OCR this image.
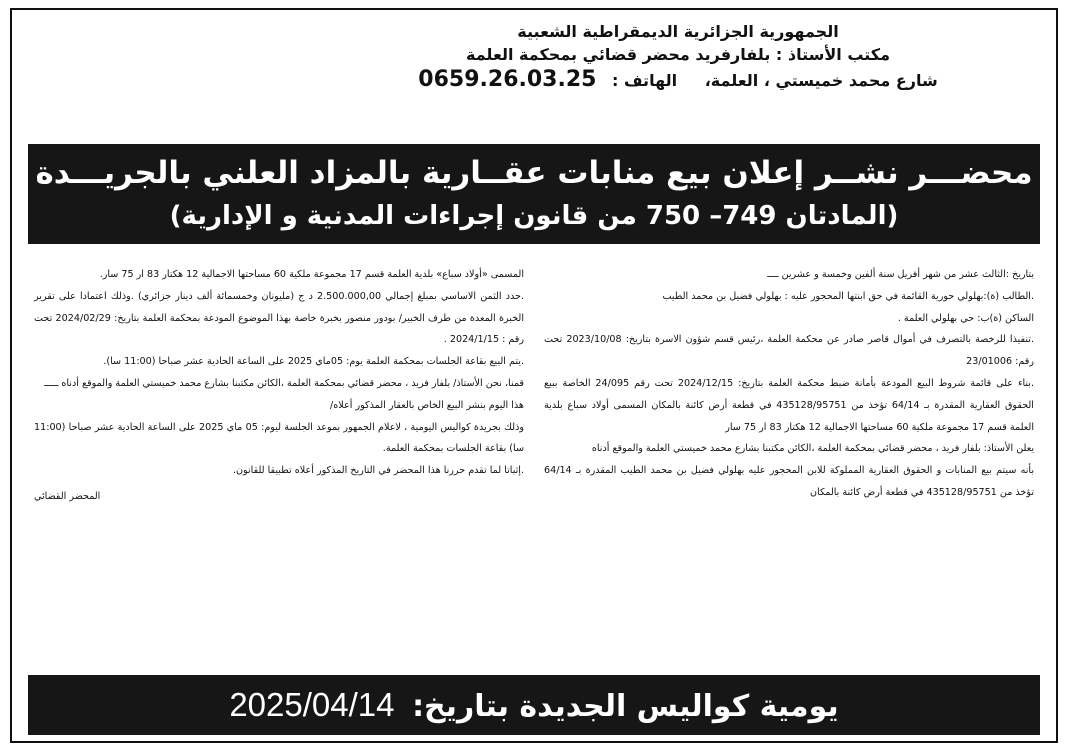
الجمهورية الجزائرية الديمقراطية الشعبية
مكتب الأستاذ : بلفارفريد محضر قضائي بمحكمة العلمة
شارع محمد خميستي ، العلمة، الهاتف : 0659.26.03.25
محضـــر نشــر إعلان بيع منابات عقــارية بالمزاد العلني بالجريـــدة
(المادتان 749– 750 من قانون إجراءات المدنية و الإدارية)

بتاريخ :الثالث عشر من شهر أفريل سنة ألفين وخمسة و عشرين ــــ

.الطالب (ة):بهلولي حورية القائمة في حق ابنتها المحجور عليه : بهلولي فضيل بن محمد الطيب

الساكن (ة)ب: حي بهلولي العلمة .

.تنفيذا للرخصة بالتصرف في أموال قاصر صادر عن محكمة العلمة ،رئيس قسم شؤون الاسرة بتاريخ: 2023/10/08 تحت رقم: 23/01006

.بناء على قائمة شروط البيع المودعة بأمانة ضبط محكمة العلمة بتاريخ: 2024/12/15 تحت رقم 24/095 الخاصة ببيع الحقوق العقارية المقدرة بـ 64/14 تؤخذ من 435128/95751 في قطعة أرض كائنة بالمكان المسمى أولاد سباع بلدية العلمة قسم 17 مجموعة ملكية 60 مساحتها الاجمالية 12 هكتار 83 ار 75 سار

يعلن الأستاذ: بلفار فريد ، محضر قضائي بمحكمة العلمة ،الكائن مكتبنا بشارع محمد خميستي العلمة والموقع أدناه

بأنه سيتم بيع المنابات و الحقوق العقارية المملوكة للابن المحجور عليه بهلولي فضيل بن محمد الطيب المقدرة بـ 64/14 تؤخذ من 435128/95751 في قطعة أرض كائنة بالمكان

المسمى «أولاد سباع» بلدية العلمة قسم 17 مجموعة ملكية 60 مساحتها الاجمالية 12 هكتار 83 ار 75 سار.

.حدد الثمن الاساسي بمبلغ إجمالي 2.500.000,00 د ج (مليونان وخمسمائة ألف دينار جزائري) .وذلك اعتمادا على تقرير الخبرة المعدة من طرف الخبير/ بودور منصور بخبرة خاصة بهذا الموضوع المودعة بمحكمة العلمة بتاريخ: 2024/02/29 تحت رقم : 2024/1/15 .

.يتم البيع بقاعة الجلسات بمحكمة العلمة يوم: 05ماي 2025 على الساعة الحادية عشر صباحا (11:00 سا).

قمنا، نحن الأستاذ/ بلفار فريد ، محضر قضائي بمحكمة العلمة ،الكائن مكتبنا بشارع محمد خميستي العلمة والموقع أدناه ـــــ

هذا اليوم بنشر البيع الخاص بالعقار المذكور أعلاه/

وذلك بجريدة كواليس اليومية ، لاعلام الجمهور بموعد الجلسة ليوم: 05 ماي 2025 على الساعة الحادية عشر صباحا (11:00 سا) بقاعة الجلسات بمحكمة العلمة.

.إثباتا لما تقدم حررنا هذا المحضر في التاريخ المذكور أعلاه تطبيقا للقانون.

المحضر القضائي

يومية كواليس الجديدة بتاريخ: 2025/04/14
